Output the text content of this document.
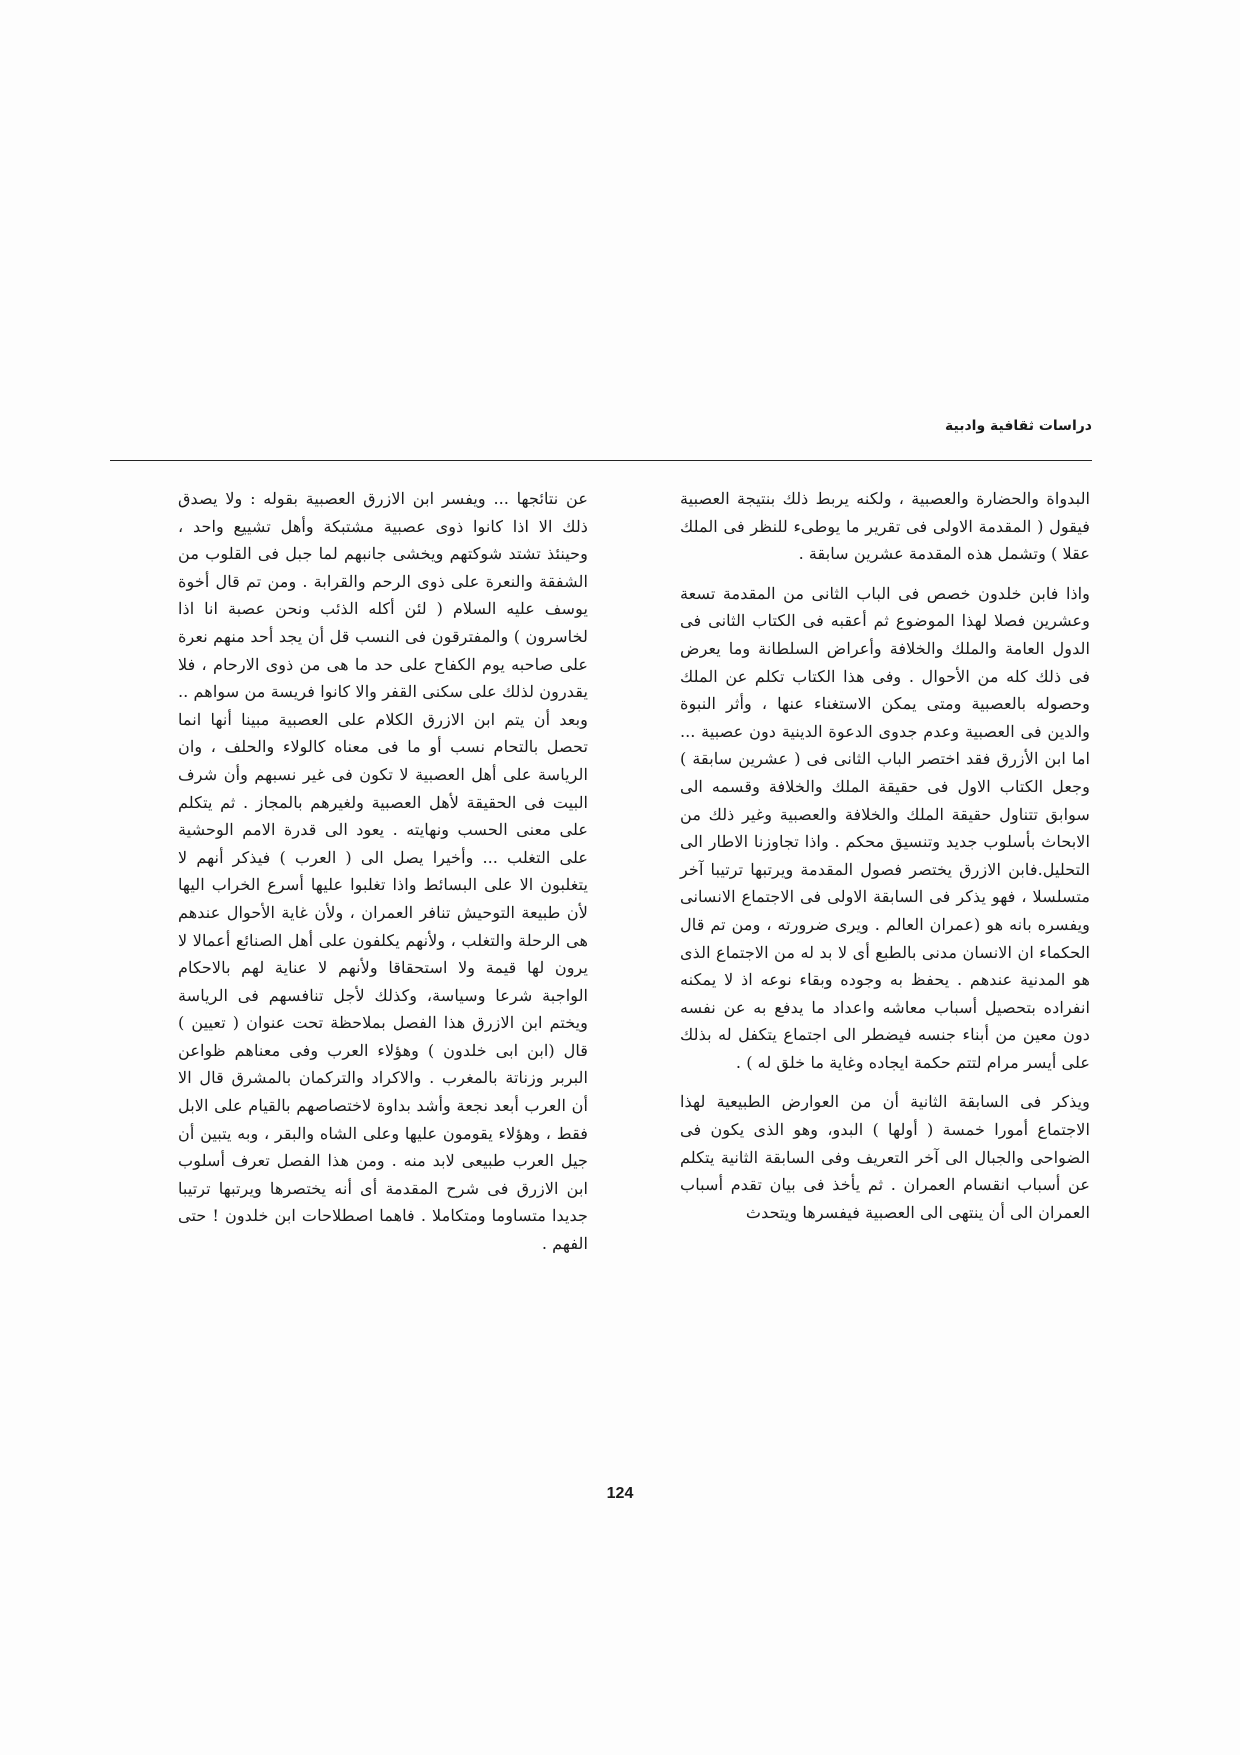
دراسات ثقافية وادبية

البدواة والحضارة والعصبية ، ولكنه يربط ذلك بنتيجة العصبية فيقول ( المقدمة الاولى فى تقرير ما يوطىء للنظر فى الملك عقلا ) وتشمل هذه المقدمة عشرين سابقة .

واذا فابن خلدون خصص فى الباب الثانى من المقدمة تسعة وعشرين فصلا لهذا الموضوع ثم أعقبه فى الكتاب الثانى فى الدول العامة والملك والخلافة وأعراض السلطانة وما يعرض فى ذلك كله من الأحوال . وفى هذا الكتاب تكلم عن الملك وحصوله بالعصبية ومتى يمكن الاستغناء عنها ، وأثر النبوة والدين فى العصبية وعدم جدوى الدعوة الدينية دون عصبية ... اما ابن الأزرق فقد اختصر الباب الثانى فى ( عشرين سابقة ) وجعل الكتاب الاول فى حقيقة الملك والخلافة وقسمه الى سوابق تتناول حقيقة الملك والخلافة والعصبية وغير ذلك من الابحاث بأسلوب جديد وتنسيق محكم . واذا تجاوزنا الاطار الى التحليل.فابن الازرق يختصر فصول المقدمة ويرتبها ترتيبا آخر متسلسلا ، فهو يذكر فى السابقة الاولى فى الاجتماع الانسانى ويفسره بانه هو (عمران العالم . ويرى ضرورته ، ومن تم قال الحكماء ان الانسان مدنى بالطبع أى لا بد له من الاجتماع الذى هو المدنية عندهم . يحفظ به وجوده وبقاء نوعه اذ لا يمكنه انفراده بتحصيل أسباب معاشه واعداد ما يدفع به عن نفسه دون معين من أبناء جنسه فيضطر الى اجتماع يتكفل له بذلك على أيسر مرام لتتم حكمة ايجاده وغاية ما خلق له ) .

ويذكر فى السابقة الثانية أن من العوارض الطبيعية لهذا الاجتماع أمورا خمسة ( أولها ) البدو، وهو الذى يكون فى الضواحى والجبال الى آخر التعريف وفى السابقة الثانية يتكلم عن أسباب انقسام العمران . ثم يأخذ فى بيان تقدم أسباب العمران الى أن ينتهى الى العصبية فيفسرها ويتحدث

عن نتائجها ... ويفسر ابن الازرق العصبية بقوله : ولا يصدق ذلك الا اذا كانوا ذوى عصبية مشتبكة وأهل تشييع واحد ، وحينئذ تشتد شوكتهم ويخشى جانبهم لما جبل فى القلوب من الشفقة والنعرة على ذوى الرحم والقرابة . ومن تم قال أخوة يوسف عليه السلام ( لئن أكله الذئب ونحن عصبة انا اذا لخاسرون ) والمفترقون فى النسب قل أن يجد أحد منهم نعرة على صاحبه يوم الكفاح على حد ما هى من ذوى الارحام ، فلا يقدرون لذلك على سكنى القفر والا كانوا فريسة من سواهم .. وبعد أن يتم ابن الازرق الكلام على العصبية مبينا أنها انما تحصل بالتحام نسب أو ما فى معناه كالولاء والحلف ، وان الرياسة على أهل العصبية لا تكون فى غير نسبهم وأن شرف البيت فى الحقيقة لأهل العصبية ولغيرهم بالمجاز . ثم يتكلم على معنى الحسب ونهايته . يعود الى قدرة الامم الوحشية على التغلب ... وأخيرا يصل الى ( العرب ) فيذكر أنهم لا يتغلبون الا على البسائط واذا تغلبوا عليها أسرع الخراب اليها لأن طبيعة التوحيش تنافر العمران ، ولأن غاية الأحوال عندهم هى الرحلة والتغلب ، ولأنهم يكلفون على أهل الصنائع أعمالا لا يرون لها قيمة ولا استحقاقا ولأنهم لا عناية لهم بالاحكام الواجبة شرعا وسياسة، وكذلك لأجل تنافسهم فى الرياسة ويختم ابن الازرق هذا الفصل بملاحظة تحت عنوان ( تعيين ) قال (ابن ابى خلدون ) وهؤلاء العرب وفى معناهم ظواعن البربر وزناتة بالمغرب . والاكراد والتركمان بالمشرق قال الا أن العرب أبعد نجعة وأشد بداوة لاختصاصهم بالقيام على الابل فقط ، وهؤلاء يقومون عليها وعلى الشاه والبقر ، وبه يتبين أن جيل العرب طبيعى لابد منه . ومن هذا الفصل تعرف أسلوب ابن الازرق فى شرح المقدمة أى أنه يختصرها ويرتبها ترتيبا جديدا متساوما ومتكاملا . فاهما اصطلاحات ابن خلدون ! حتى الفهم .

124
